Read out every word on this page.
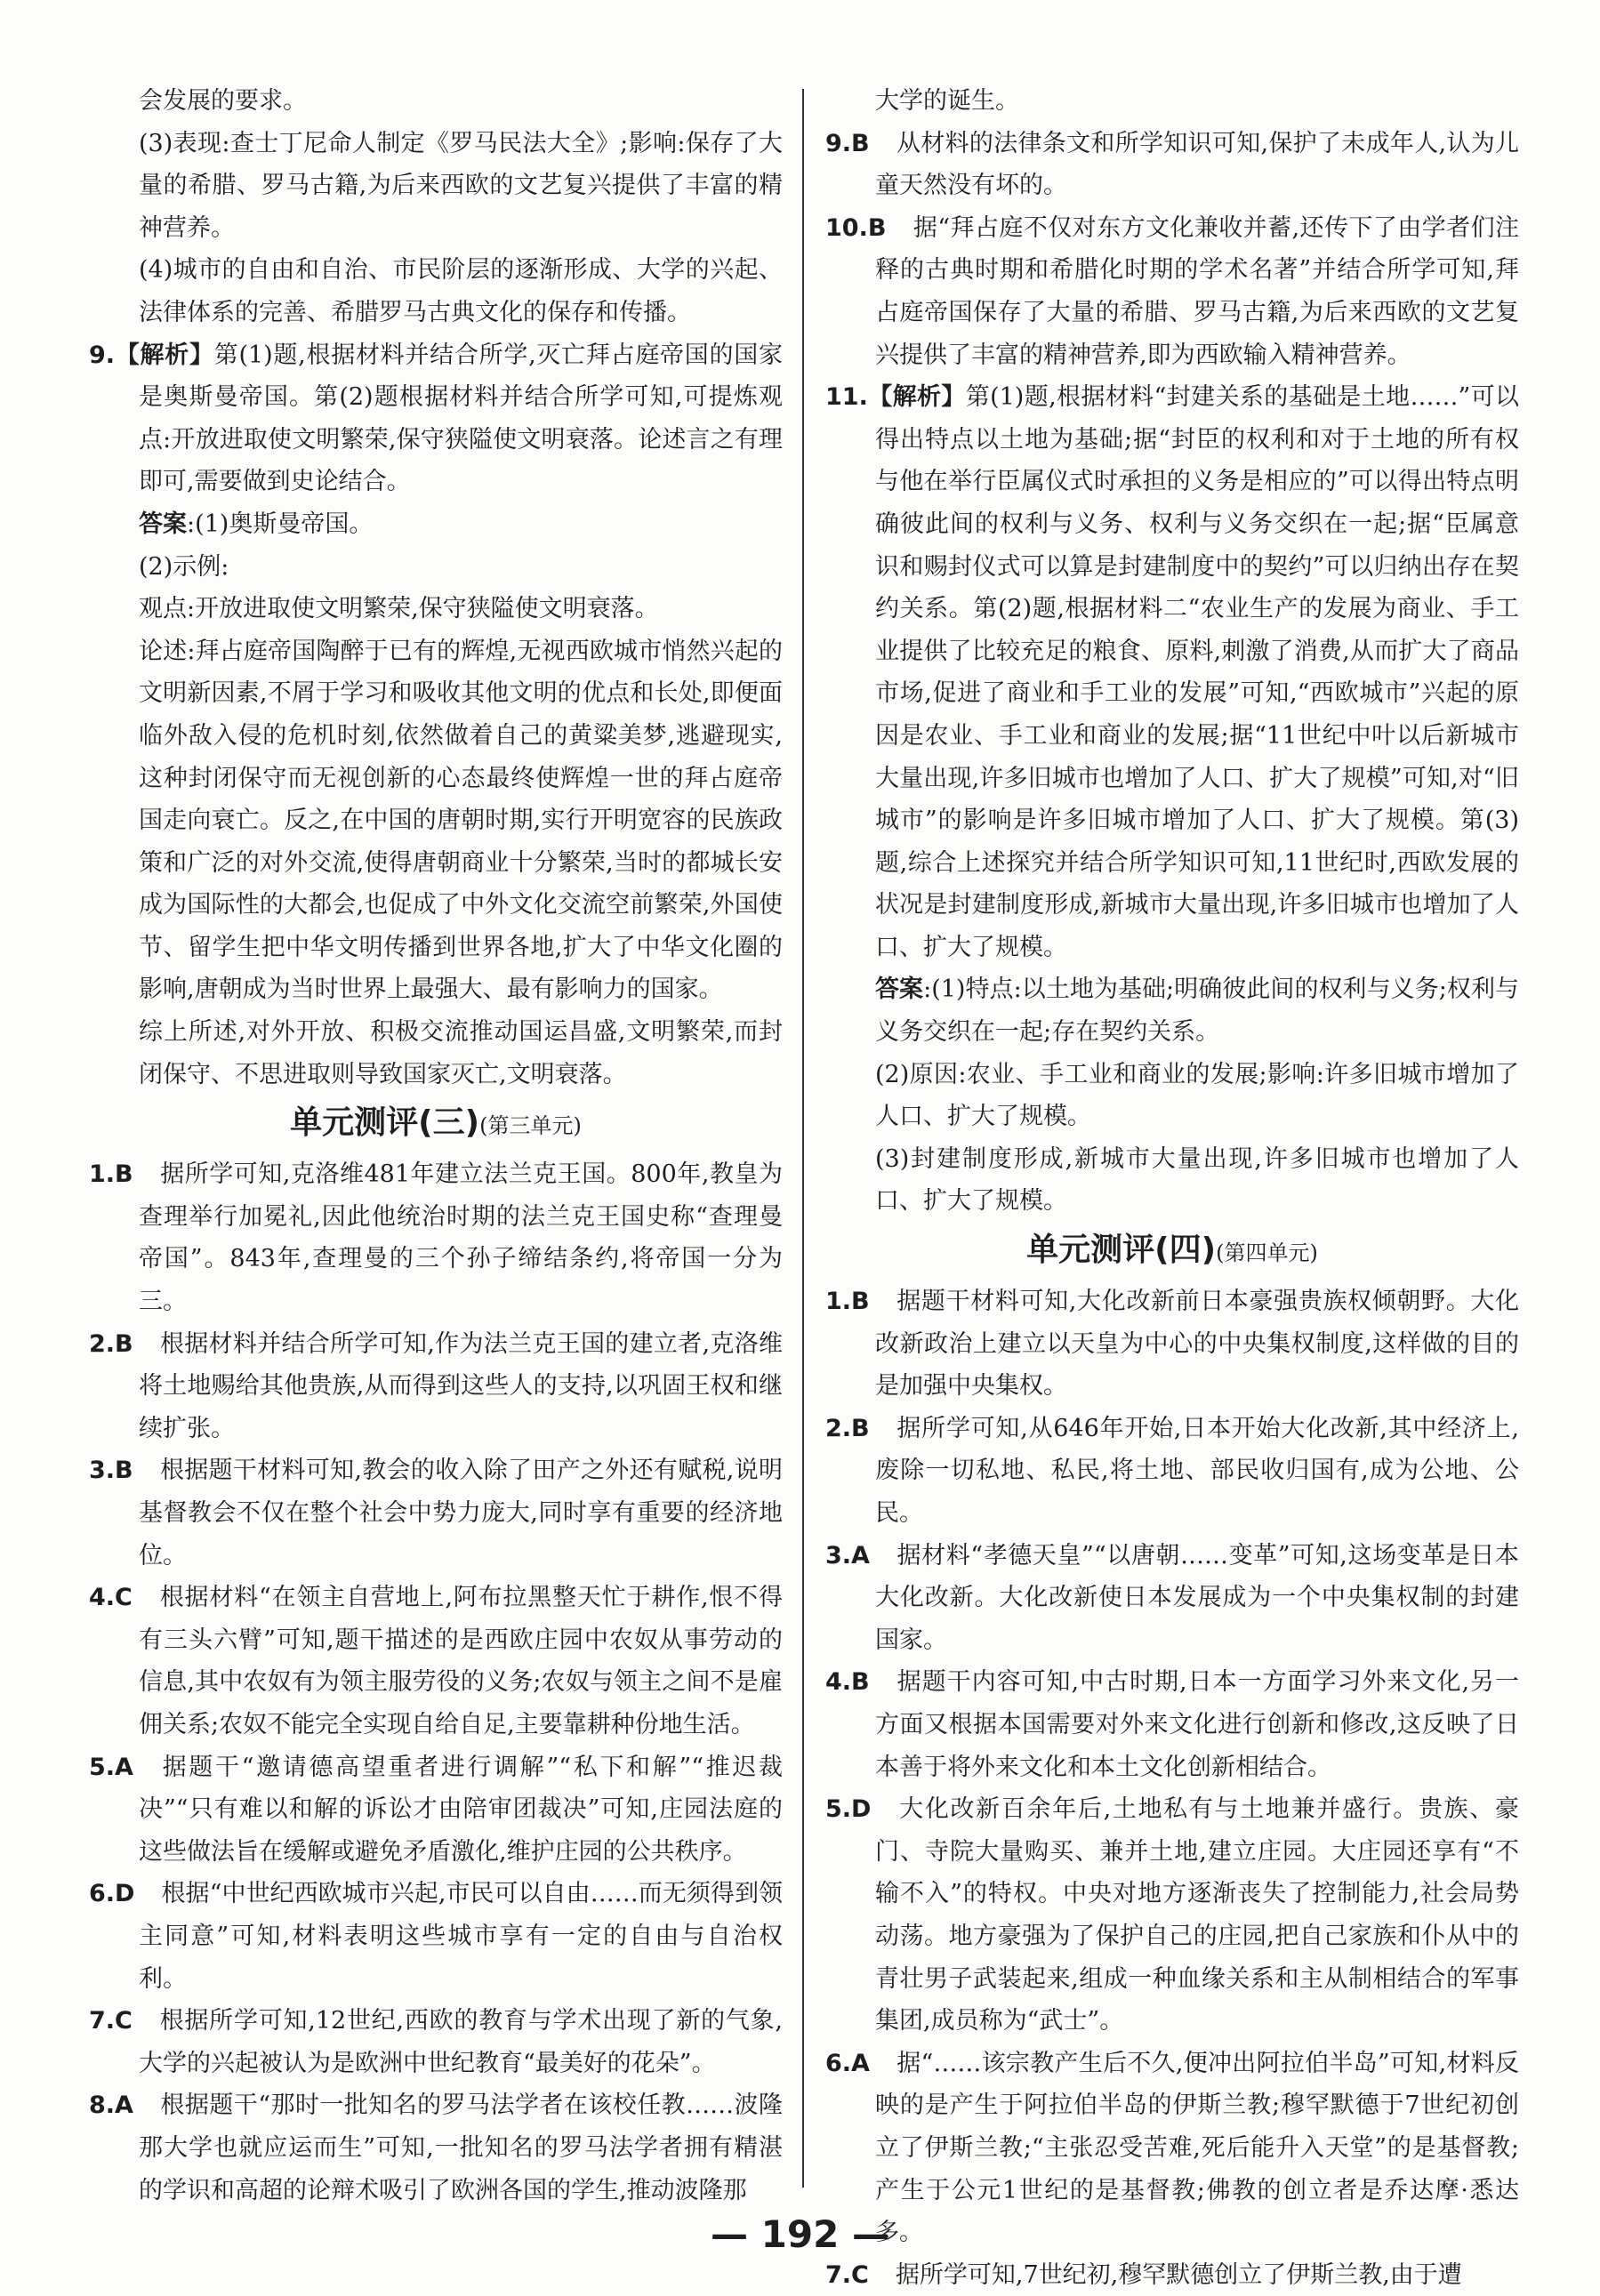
会发展的要求。

(3)表现:查士丁尼命人制定《罗马民法大全》;影响:保存了大量的希腊、罗马古籍,为后来西欧的文艺复兴提供了丰富的精神营养。

(4)城市的自由和自治、市民阶层的逐渐形成、大学的兴起、法律体系的完善、希腊罗马古典文化的保存和传播。

9.【解析】第(1)题,根据材料并结合所学,灭亡拜占庭帝国的国家是奥斯曼帝国。第(2)题根据材料并结合所学可知,可提炼观点:开放进取使文明繁荣,保守狭隘使文明衰落。论述言之有理即可,需要做到史论结合。

答案:(1)奥斯曼帝国。

(2)示例:

观点:开放进取使文明繁荣,保守狭隘使文明衰落。

论述:拜占庭帝国陶醉于已有的辉煌,无视西欧城市悄然兴起的文明新因素,不屑于学习和吸收其他文明的优点和长处,即便面临外敌入侵的危机时刻,依然做着自己的黄粱美梦,逃避现实,这种封闭保守而无视创新的心态最终使辉煌一世的拜占庭帝国走向衰亡。反之,在中国的唐朝时期,实行开明宽容的民族政策和广泛的对外交流,使得唐朝商业十分繁荣,当时的都城长安成为国际性的大都会,也促成了中外文化交流空前繁荣,外国使节、留学生把中华文明传播到世界各地,扩大了中华文化圈的影响,唐朝成为当时世界上最强大、最有影响力的国家。

综上所述,对外开放、积极交流推动国运昌盛,文明繁荣,而封闭保守、不思进取则导致国家灭亡,文明衰落。

单元测评(三)(第三单元)

1.B 据所学可知,克洛维481年建立法兰克王国。800年,教皇为查理举行加冕礼,因此他统治时期的法兰克王国史称“查理曼帝国”。843年,查理曼的三个孙子缔结条约,将帝国一分为三。

2.B 根据材料并结合所学可知,作为法兰克王国的建立者,克洛维将土地赐给其他贵族,从而得到这些人的支持,以巩固王权和继续扩张。

3.B 根据题干材料可知,教会的收入除了田产之外还有赋税,说明基督教会不仅在整个社会中势力庞大,同时享有重要的经济地位。

4.C 根据材料“在领主自营地上,阿布拉黑整天忙于耕作,恨不得有三头六臂”可知,题干描述的是西欧庄园中农奴从事劳动的信息,其中农奴有为领主服劳役的义务;农奴与领主之间不是雇佣关系;农奴不能完全实现自给自足,主要靠耕种份地生活。

5.A 据题干“邀请德高望重者进行调解”“私下和解”“推迟裁决”“只有难以和解的诉讼才由陪审团裁决”可知,庄园法庭的这些做法旨在缓解或避免矛盾激化,维护庄园的公共秩序。

6.D 根据“中世纪西欧城市兴起,市民可以自由……而无须得到领主同意”可知,材料表明这些城市享有一定的自由与自治权利。

7.C 根据所学可知,12世纪,西欧的教育与学术出现了新的气象,大学的兴起被认为是欧洲中世纪教育“最美好的花朵”。

8.A 根据题干“那时一批知名的罗马法学者在该校任教……波隆那大学也就应运而生”可知,一批知名的罗马法学者拥有精湛的学识和高超的论辩术吸引了欧洲各国的学生,推动波隆那

大学的诞生。

9.B 从材料的法律条文和所学知识可知,保护了未成年人,认为儿童天然没有坏的。

10.B 据“拜占庭不仅对东方文化兼收并蓄,还传下了由学者们注释的古典时期和希腊化时期的学术名著”并结合所学可知,拜占庭帝国保存了大量的希腊、罗马古籍,为后来西欧的文艺复兴提供了丰富的精神营养,即为西欧输入精神营养。

11.【解析】第(1)题,根据材料“封建关系的基础是土地……”可以得出特点以土地为基础;据“封臣的权利和对于土地的所有权与他在举行臣属仪式时承担的义务是相应的”可以得出特点明确彼此间的权利与义务、权利与义务交织在一起;据“臣属意识和赐封仪式可以算是封建制度中的契约”可以归纳出存在契约关系。第(2)题,根据材料二“农业生产的发展为商业、手工业提供了比较充足的粮食、原料,刺激了消费,从而扩大了商品市场,促进了商业和手工业的发展”可知,“西欧城市”兴起的原因是农业、手工业和商业的发展;据“11世纪中叶以后新城市大量出现,许多旧城市也增加了人口、扩大了规模”可知,对“旧城市”的影响是许多旧城市增加了人口、扩大了规模。第(3)题,综合上述探究并结合所学知识可知,11世纪时,西欧发展的状况是封建制度形成,新城市大量出现,许多旧城市也增加了人口、扩大了规模。

答案:(1)特点:以土地为基础;明确彼此间的权利与义务;权利与义务交织在一起;存在契约关系。

(2)原因:农业、手工业和商业的发展;影响:许多旧城市增加了人口、扩大了规模。

(3)封建制度形成,新城市大量出现,许多旧城市也增加了人口、扩大了规模。

单元测评(四)(第四单元)

1.B 据题干材料可知,大化改新前日本豪强贵族权倾朝野。大化改新政治上建立以天皇为中心的中央集权制度,这样做的目的是加强中央集权。

2.B 据所学可知,从646年开始,日本开始大化改新,其中经济上,废除一切私地、私民,将土地、部民收归国有,成为公地、公民。

3.A 据材料“孝德天皇”“以唐朝……变革”可知,这场变革是日本大化改新。大化改新使日本发展成为一个中央集权制的封建国家。

4.B 据题干内容可知,中古时期,日本一方面学习外来文化,另一方面又根据本国需要对外来文化进行创新和修改,这反映了日本善于将外来文化和本土文化创新相结合。

5.D 大化改新百余年后,土地私有与土地兼并盛行。贵族、豪门、寺院大量购买、兼并土地,建立庄园。大庄园还享有“不输不入”的特权。中央对地方逐渐丧失了控制能力,社会局势动荡。地方豪强为了保护自己的庄园,把自己家族和仆从中的青壮男子武装起来,组成一种血缘关系和主从制相结合的军事集团,成员称为“武士”。

6.A 据“……该宗教产生后不久,便冲出阿拉伯半岛”可知,材料反映的是产生于阿拉伯半岛的伊斯兰教;穆罕默德于7世纪初创立了伊斯兰教;“主张忍受苦难,死后能升入天堂”的是基督教;产生于公元1世纪的是基督教;佛教的创立者是乔达摩·悉达多。

7.C 据所学可知,7世纪初,穆罕默德创立了伊斯兰教,由于遭

— 192 —
